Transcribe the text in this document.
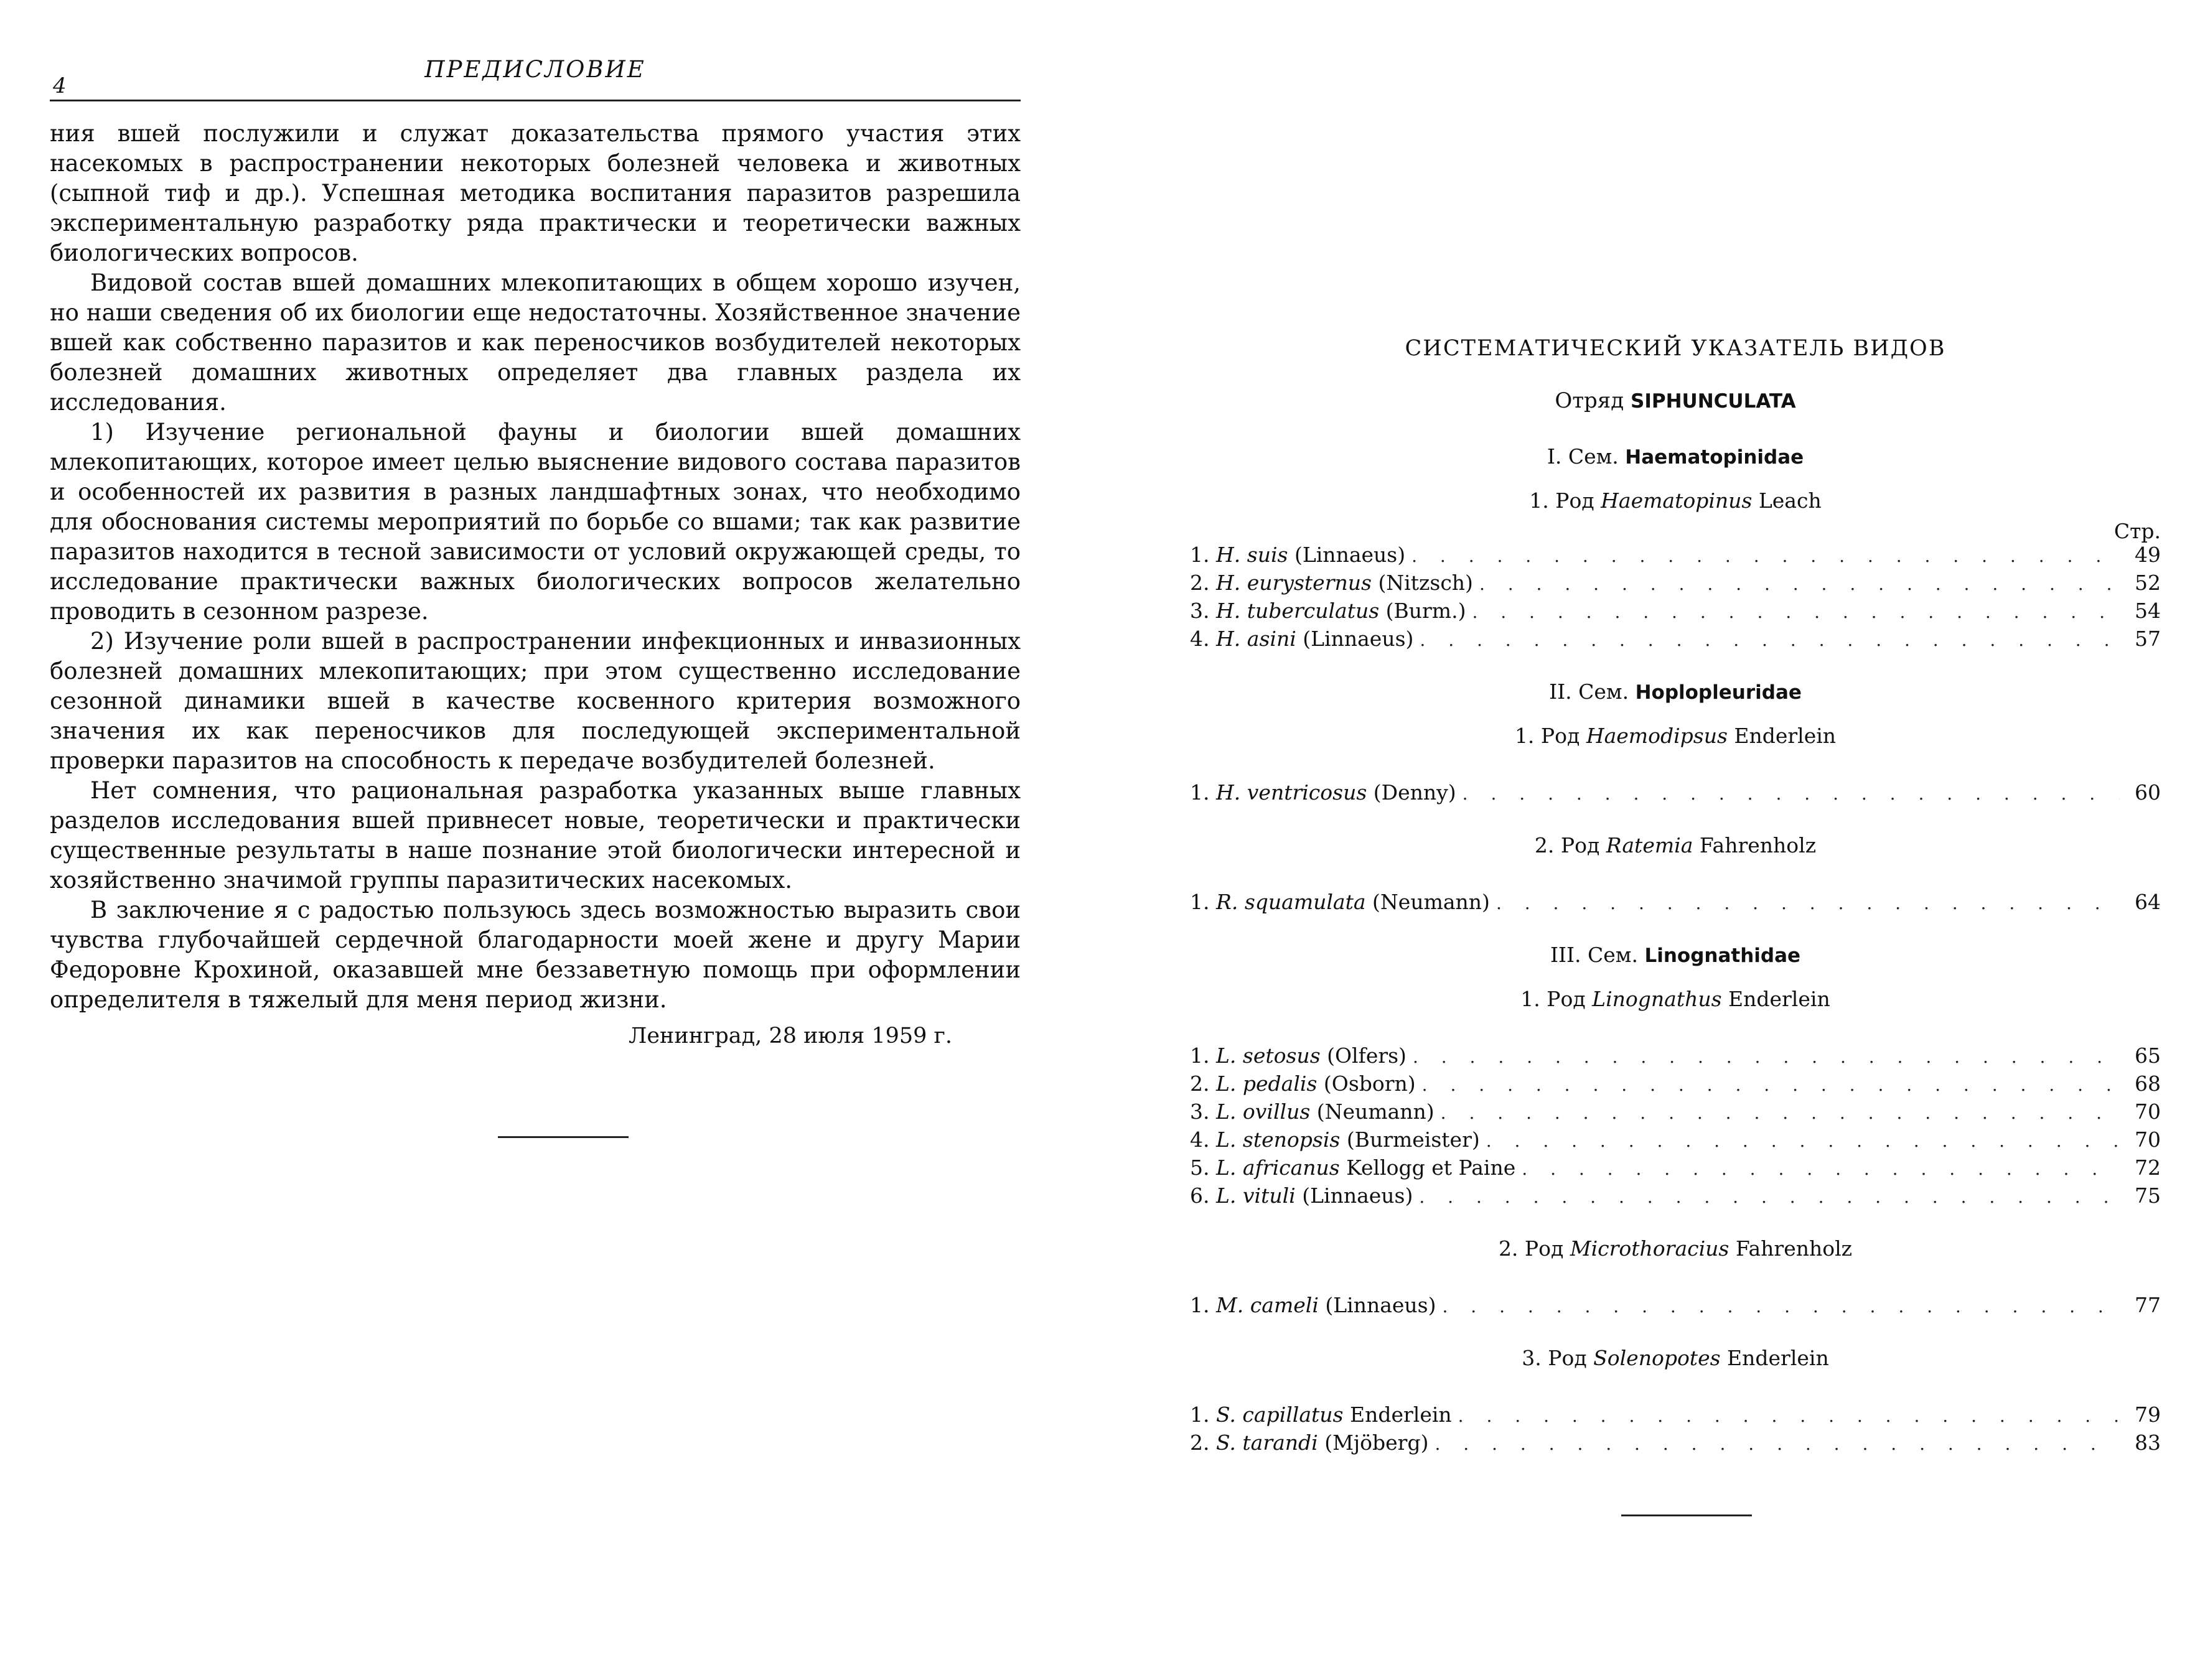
4
ПРЕДИСЛОВИЕ

ния вшей послужили и служат доказательства прямого участия этих насекомых в распространении некоторых болезней человека и животных (сыпной тиф и др.). Успешная методика воспитания паразитов разрешила экспериментальную разработку ряда практически и теоретически важных биологических вопросов.

Видовой состав вшей домашних млекопитающих в общем хорошо изучен, но наши сведения об их биологии еще недостаточны. Хозяйственное значение вшей как собственно паразитов и как переносчиков возбудителей некоторых болезней домашних животных определяет два главных раздела их исследования.

1) Изучение региональной фауны и биологии вшей домашних млекопитающих, которое имеет целью выяснение видового состава паразитов и особенностей их развития в разных ландшафтных зонах, что необходимо для обоснования системы мероприятий по борьбе со вшами; так как развитие паразитов находится в тесной зависимости от условий окружающей среды, то исследование практически важных биологических вопросов желательно проводить в сезонном разрезе.

2) Изучение роли вшей в распространении инфекционных и инвазионных болезней домашних млекопитающих; при этом существенно исследование сезонной динамики вшей в качестве косвенного критерия возможного значения их как переносчиков для последующей экспериментальной проверки паразитов на способность к передаче возбудителей болезней.

Нет сомнения, что рациональная разработка указанных выше главных разделов исследования вшей привнесет новые, теоретически и практически существенные результаты в наше познание этой биологически интересной и хозяйственно значимой группы паразитических насекомых.

В заключение я с радостью пользуюсь здесь возможностью выразить свои чувства глубочайшей сердечной благодарности моей жене и другу Марии Федоровне Крохиной, оказавшей мне беззаветную помощь при оформлении определителя в тяжелый для меня период жизни.

Ленинград, 28 июля 1959 г.
СИСТЕМАТИЧЕСКИЙ УКАЗАТЕЛЬ ВИДОВ
Отряд SIPHUNCULATA
I. Сем. Haematopinidae
1. Род Haematopinus Leach
Стр.
1. H. suis (Linnaeus) . . .	49
2. H. eurysternus (Nitzsch) . . .	52
3. H. tuberculatus (Burm.) . . .	54
4. H. asini (Linnaeus) . . .	57
II. Сем. Hoplopleuridae
1. Род Haemodipsus Enderlein
1. H. ventricosus (Denny) . . .	60
2. Род Ratemia Fahrenholz
1. R. squamulata (Neumann) . . .	64
III. Сем. Linognathidae
1. Род Linognathus Enderlein
1. L. setosus (Olfers) . . .	65
2. L. pedalis (Osborn) . . .	68
3. L. ovillus (Neumann) . . .	70
4. L. stenopsis (Burmeister) . . .	70
5. L. africanus Kellogg et Paine . . .	72
6. L. vituli (Linnaeus) . . .	75
2. Род Microthoracius Fahrenholz
1. M. cameli (Linnaeus) . . .	77
3. Род Solenopotes Enderlein
1. S. capillatus Enderlein . . .	79
2. S. tarandi (Mjöberg) . . .	83
